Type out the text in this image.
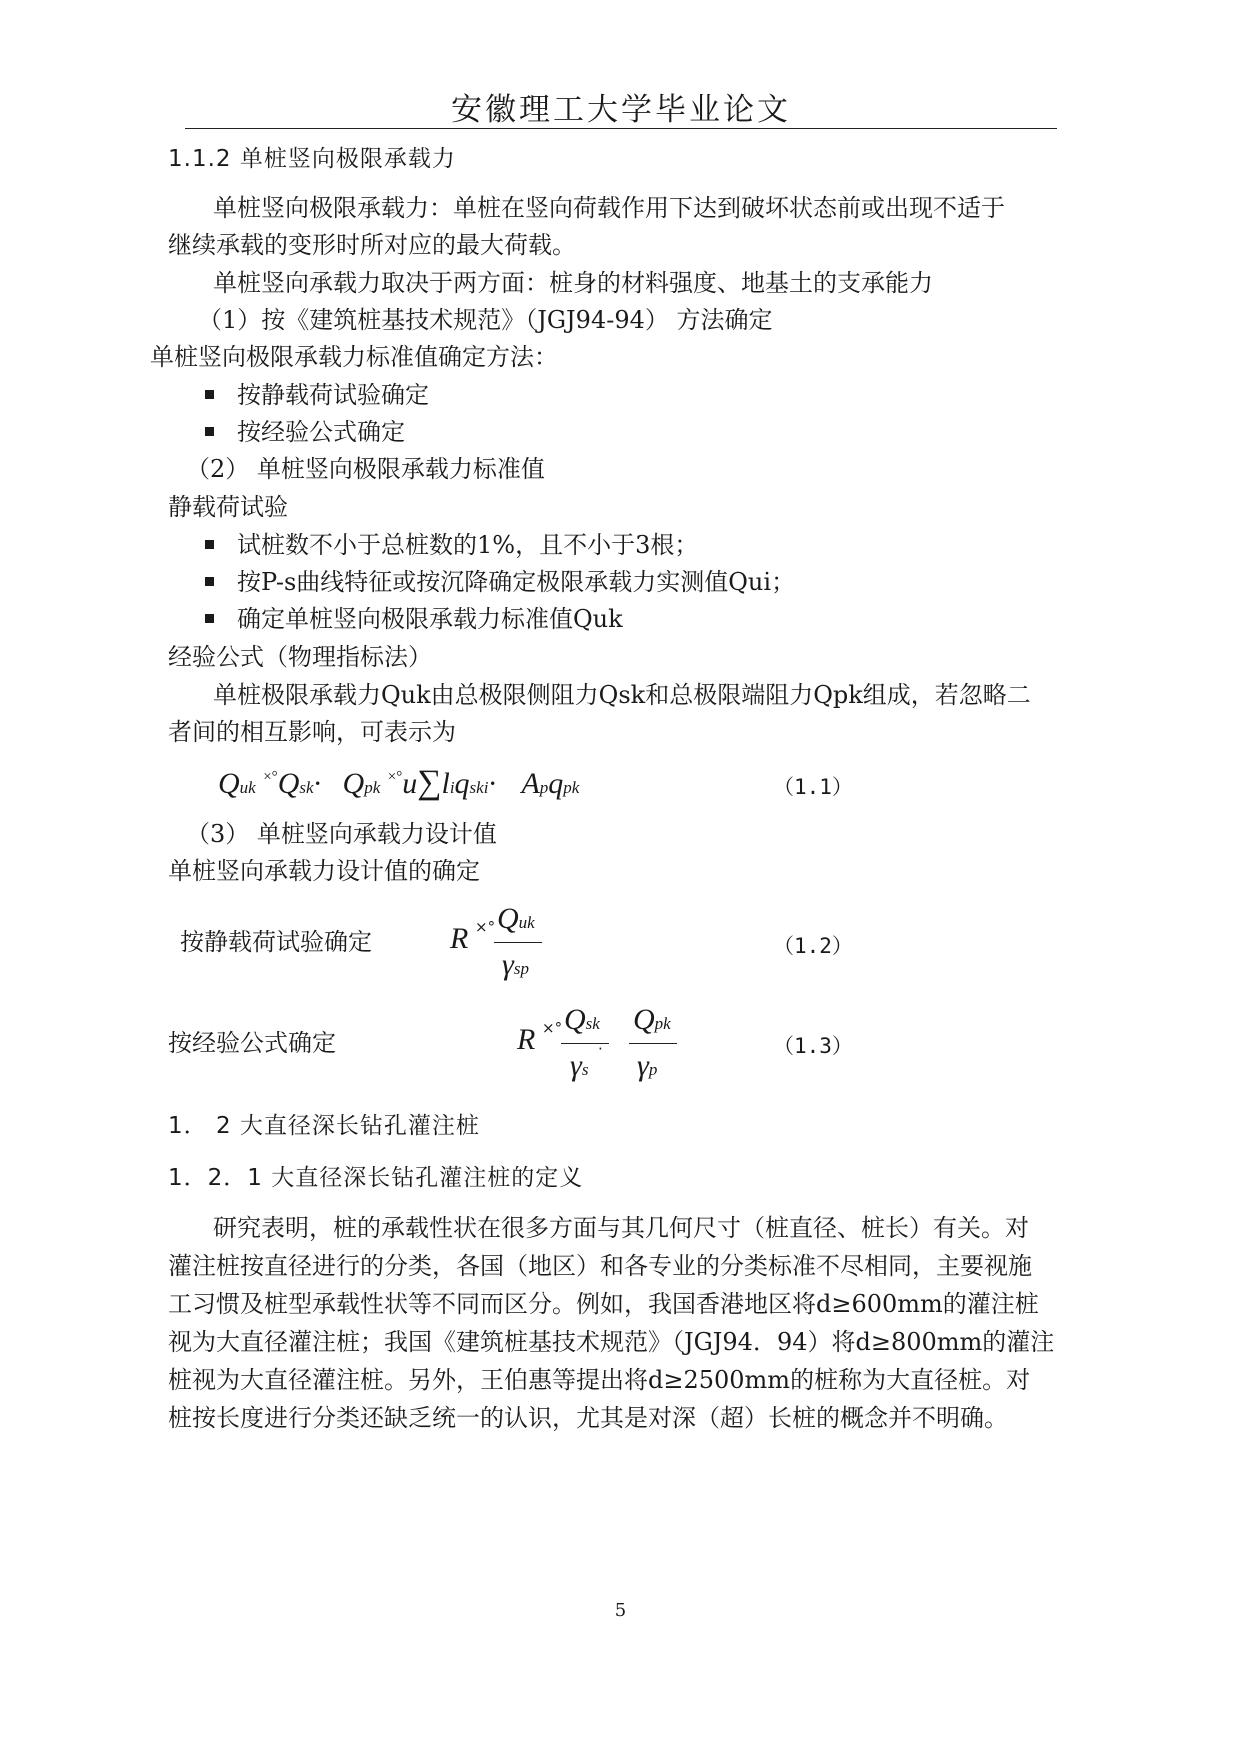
安徽理工大学毕业论文
1.1.2 单桩竖向极限承载力
单桩竖向极限承载力：单桩在竖向荷载作用下达到破坏状态前或出现不适于
继续承载的变形时所对应的最大荷载。
单桩竖向承载力取决于两方面：桩身的材料强度、地基土的支承能力
（1）按《建筑桩基技术规范》（JGJ94-94） 方法确定
单桩竖向极限承载力标准值确定方法：
按静载荷试验确定
按经验公式确定
（2） 单桩竖向极限承载力标准值
静载荷试验
试桩数不小于总桩数的1%，且不小于3根；
按P-s曲线特征或按沉降确定极限承载力实测值Qui；
确定单桩竖向极限承载力标准值Quk
经验公式（物理指标法）
单桩极限承载力Quk由总极限侧阻力Qsk和总极限端阻力Qpk组成，若忽略二
者间的相互影响，可表示为
Quk ×°Qsk· Qpk ×°u∑liqski· Apqpk	（1.1）
（3） 单桩竖向承载力设计值
单桩竖向承载力设计值的确定
按静载荷试验确定	R ×° Quk
γsp
（1.2）
按经验公式确定	R ×° Qsk
γs
·
Qpk
γp
（1.3）
1． 2 大直径深长钻孔灌注桩
1．2．1 大直径深长钻孔灌注桩的定义
研究表明，桩的承载性状在很多方面与其几何尺寸（桩直径、桩长）有关。对
灌注桩按直径进行的分类，各国（地区）和各专业的分类标准不尽相同，主要视施
工习惯及桩型承载性状等不同而区分。例如，我国香港地区将d≥600mm的灌注桩
视为大直径灌注桩；我国《建筑桩基技术规范》（JGJ94．94）将d≥800mm的灌注
桩视为大直径灌注桩。另外，王伯惠等提出将d≥2500mm的桩称为大直径桩。对
桩按长度进行分类还缺乏统一的认识，尤其是对深（超）长桩的概念并不明确。
5
